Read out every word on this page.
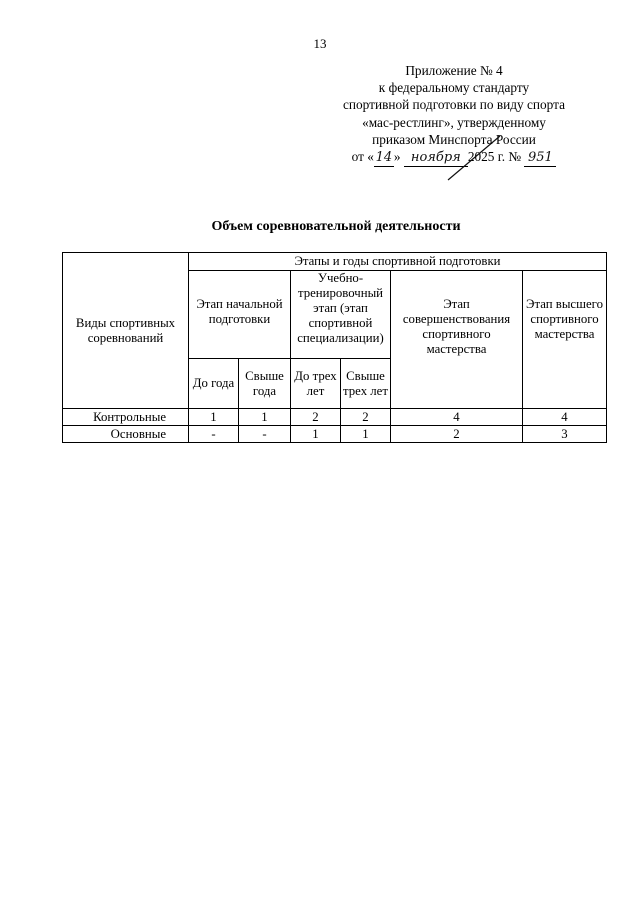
13
Приложение № 4
к федеральному стандарту
спортивной подготовки по виду спорта
«мас-рестлинг», утвержденному
приказом Минспорта России
от « 14 » ноября 2025 г. № 951
Объем соревновательной деятельности
Виды спортивных соревнований	Этапы и годы спортивной подготовки					
	Этап начальной подготовки		Учебно-тренировочный этап (этап спортивной специализации)		Этап совершенствования спортивного мастерства	Этап высшего спортивного мастерства
	До года	Свыше года	До трех лет	Свыше трех лет		
Контрольные	1	1	2	2	4	4
Основные	-	-	1	1	2	3
